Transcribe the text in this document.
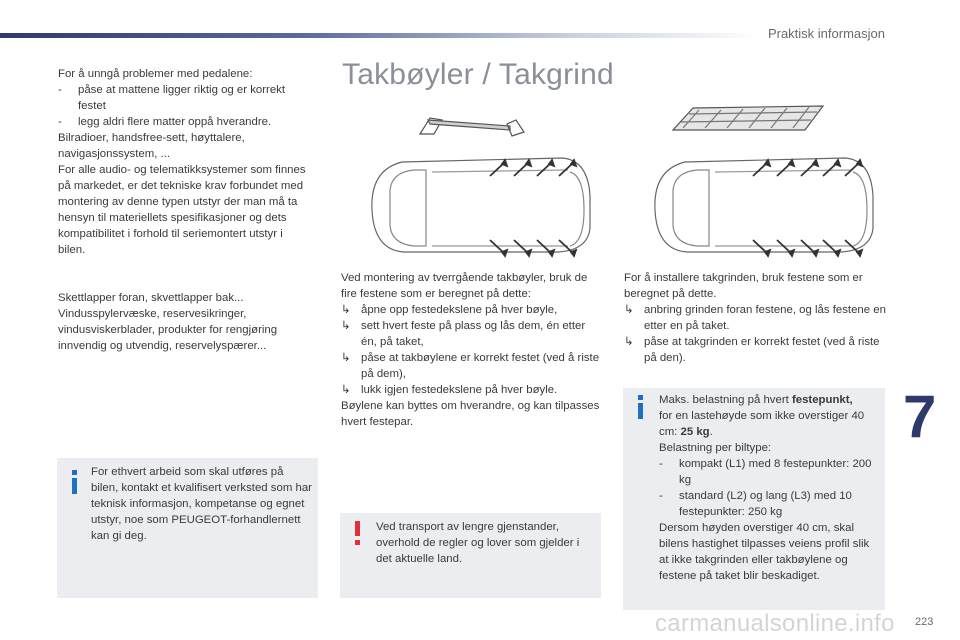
Praktisk informasjon

For å unngå problemer med pedalene:

-	påse at mattene ligger riktig og er korrekt festet
-	legg aldri flere matter oppå hverandre.

Bilradioer, handsfree-sett, høyttalere, navigasjonssystem, ...

For alle audio- og telematikksystemer som finnes på markedet, er det tekniske krav forbundet med montering av denne typen utstyr der man må ta hensyn til materiellets spesifikasjoner og dets kompatibilitet i forhold til seriemontert utstyr i bilen.

Skettlapper foran, skvettlapper bak... Vindusspylervæske, reservesikringer, vindusviskerblader, produkter for rengjøring innvendig og utvendig, reservelyspærer...

For ethvert arbeid som skal utføres på bilen, kontakt et kvalifisert verksted som har teknisk informasjon, kompetanse og egnet utstyr, noe som PEUGEOT-forhandlernett kan gi deg.
Takbøyler / Takgrind

Ved montering av tverrgående takbøyler, bruk de fire festene som er beregnet på dette:

↳ åpne opp festedekslene på hver bøyle,
↳ sett hvert feste på plass og lås dem, én etter én, på taket,
↳ påse at takbøylene er korrekt festet (ved å riste på dem),
↳ lukk igjen festedekslene på hver bøyle.

Bøylene kan byttes om hverandre, og kan tilpasses hvert festepar.

Ved transport av lengre gjenstander, overhold de regler og lover som gjelder i det aktuelle land.

For å installere takgrinden, bruk festene som er beregnet på dette.

↳ anbring grinden foran festene, og lås festene en etter en på taket.
↳ påse at takgrinden er korrekt festet (ved å riste på den).

Maks. belastning på hvert festepunkt,
for en lastehøyde som ikke overstiger 40 cm: 25 kg.

Belastning per biltype:

- kompakt (L1) med 8 festepunkter: 200 kg
- standard (L2) og lang (L3) med 10 festepunkter: 250 kg

Dersom høyden overstiger 40 cm, skal bilens hastighet tilpasses veiens profil slik at ikke takgrinden eller takbøylene og festene på taket blir beskadiget.

7
carmanualsonline.info 223
